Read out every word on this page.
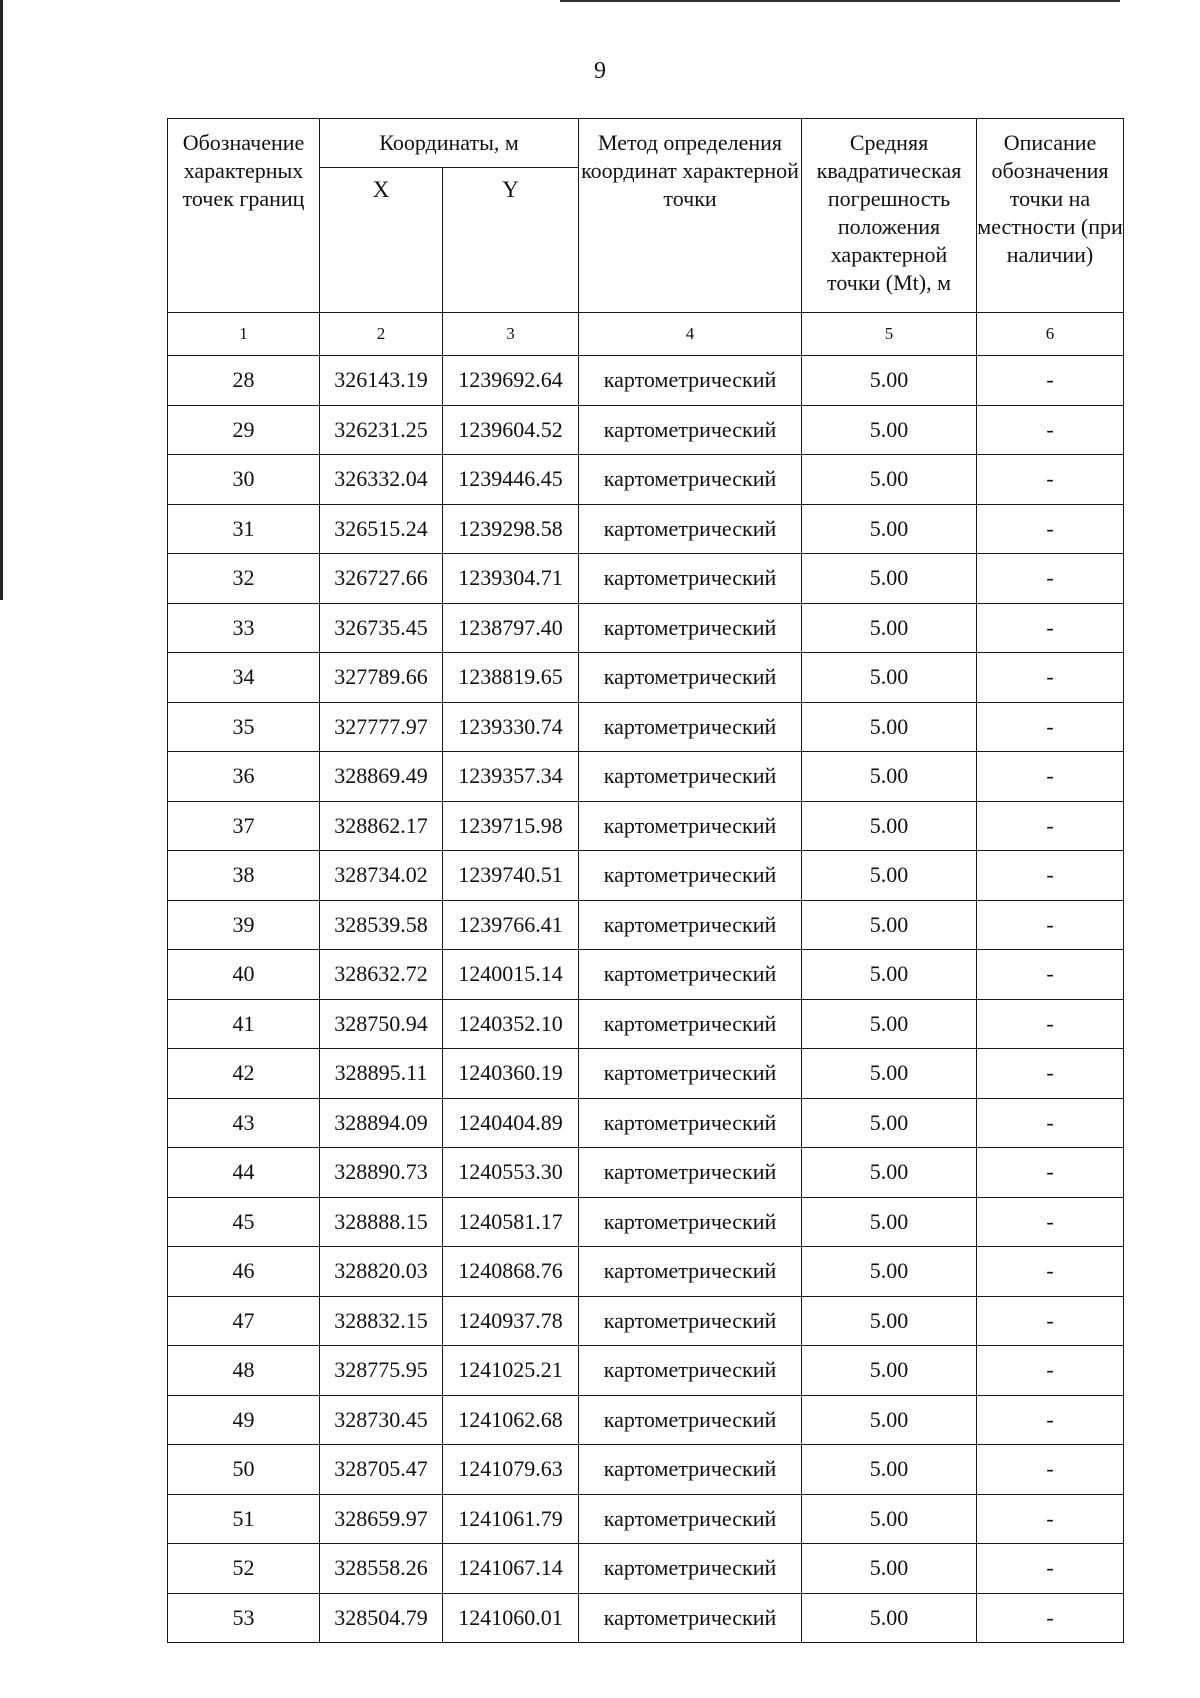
9
Обозначение характерных точек границ	Координаты, м		Метод определения координат характерной точки	Средняя квадратическая погрешность положения характерной точки (Mt), м	Описание обозначения точки на местности (при наличии)
	X	Y			
1	2	3	4	5	6
28	326143.19	1239692.64	картометрический	5.00	-
29	326231.25	1239604.52	картометрический	5.00	-
30	326332.04	1239446.45	картометрический	5.00	-
31	326515.24	1239298.58	картометрический	5.00	-
32	326727.66	1239304.71	картометрический	5.00	-
33	326735.45	1238797.40	картометрический	5.00	-
34	327789.66	1238819.65	картометрический	5.00	-
35	327777.97	1239330.74	картометрический	5.00	-
36	328869.49	1239357.34	картометрический	5.00	-
37	328862.17	1239715.98	картометрический	5.00	-
38	328734.02	1239740.51	картометрический	5.00	-
39	328539.58	1239766.41	картометрический	5.00	-
40	328632.72	1240015.14	картометрический	5.00	-
41	328750.94	1240352.10	картометрический	5.00	-
42	328895.11	1240360.19	картометрический	5.00	-
43	328894.09	1240404.89	картометрический	5.00	-
44	328890.73	1240553.30	картометрический	5.00	-
45	328888.15	1240581.17	картометрический	5.00	-
46	328820.03	1240868.76	картометрический	5.00	-
47	328832.15	1240937.78	картометрический	5.00	-
48	328775.95	1241025.21	картометрический	5.00	-
49	328730.45	1241062.68	картометрический	5.00	-
50	328705.47	1241079.63	картометрический	5.00	-
51	328659.97	1241061.79	картометрический	5.00	-
52	328558.26	1241067.14	картометрический	5.00	-
53	328504.79	1241060.01	картометрический	5.00	-
